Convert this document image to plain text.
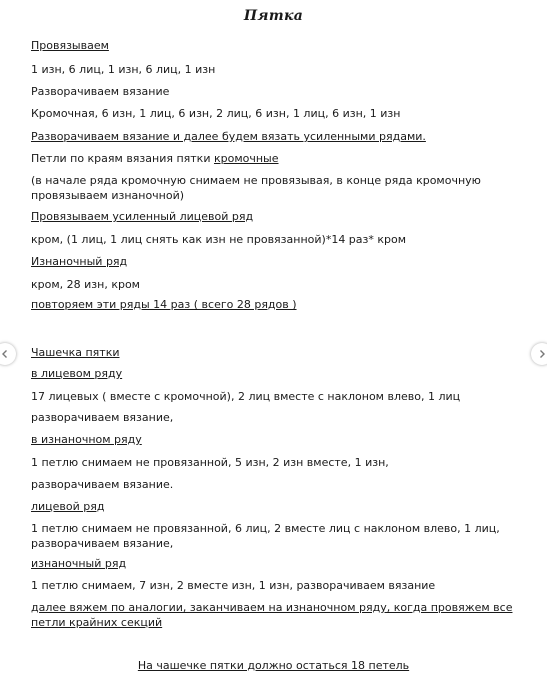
Пятка
Провязываем
1 изн, 6 лиц, 1 изн, 6 лиц, 1 изн
Разворачиваем вязание
Кромочная, 6 изн, 1 лиц, 6 изн, 2 лиц, 6 изн, 1 лиц, 6 изн, 1 изн
Разворачиваем вязание и далее будем вязать усиленными рядами.
Петли по краям вязания пятки кромочные
(в начале ряда кромочную снимаем не провязывая, в конце ряда кромочную провязываем изнаночной)
Провязываем усиленный лицевой ряд
кром, (1 лиц, 1 лиц снять как изн не провязанной)*14 раз* кром
Изнаночный ряд
кром, 28 изн, кром
повторяем эти ряды 14 раз ( всего 28 рядов )
Чашечка пятки
в лицевом ряду
17 лицевых ( вместе с кромочной), 2 лиц вместе с наклоном влево, 1 лиц
разворачиваем вязание,
в изнаночном ряду
1 петлю снимаем не провязанной, 5 изн, 2 изн вместе, 1 изн,
разворачиваем вязание.
лицевой ряд
1 петлю снимаем не провязанной, 6 лиц, 2 вместе лиц с наклоном влево, 1 лиц, разворачиваем вязание,
изнаночный ряд
1 петлю снимаем, 7 изн, 2 вместе изн, 1 изн, разворачиваем вязание
далее вяжем по аналогии, заканчиваем на изнаночном ряду, когда провяжем все петли крайних секций
На чашечке пятки должно остаться 18 петель
